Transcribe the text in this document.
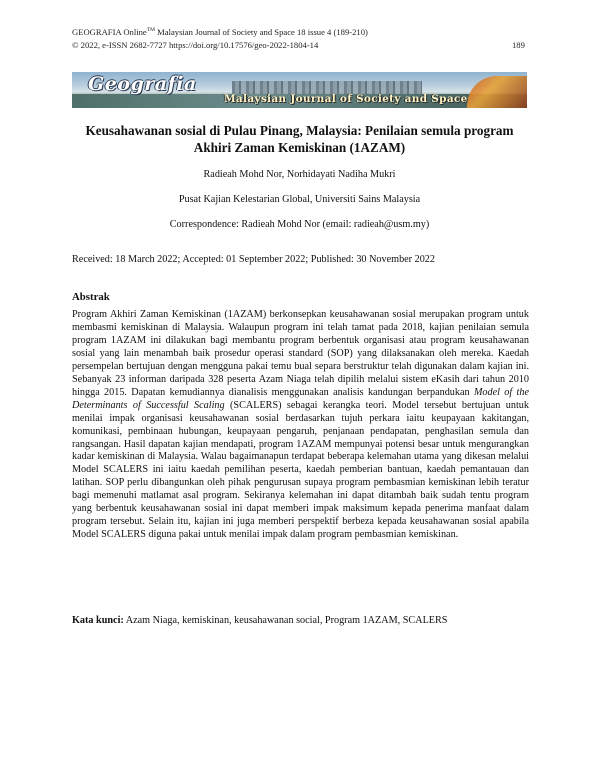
GEOGRAFIA Online™ Malaysian Journal of Society and Space 18 issue 4 (189-210)
© 2022, e-ISSN 2682-7727 https://doi.org/10.17576/geo-2022-1804-14	189
Geografia
Malaysian Journal of Society and Space
Keusahawanan sosial di Pulau Pinang, Malaysia: Penilaian semula program Akhiri Zaman Kemiskinan (1AZAM)
Radieah Mohd Nor, Norhidayati Nadiha Mukri
Pusat Kajian Kelestarian Global, Universiti Sains Malaysia
Correspondence: Radieah Mohd Nor (email: radieah@usm.my)
Received: 18 March 2022; Accepted: 01 September 2022; Published: 30 November 2022
Abstrak
Program Akhiri Zaman Kemiskinan (1AZAM) berkonsepkan keusahawanan sosial merupakan program untuk membasmi kemiskinan di Malaysia. Walaupun program ini telah tamat pada 2018, kajian penilaian semula program 1AZAM ini dilakukan bagi membantu program berbentuk organisasi atau program keusahawanan sosial yang lain menambah baik prosedur operasi standard (SOP) yang dilaksanakan oleh mereka. Kaedah persempelan bertujuan dengan mengguna pakai temu bual separa berstruktur telah digunakan dalam kajian ini. Sebanyak 23 informan daripada 328 peserta Azam Niaga telah dipilih melalui sistem eKasih dari tahun 2010 hingga 2015. Dapatan kemudiannya dianalisis menggunakan analisis kandungan berpandukan Model of the Determinants of Successful Scaling (SCALERS) sebagai kerangka teori. Model tersebut bertujuan untuk menilai impak organisasi keusahawanan sosial berdasarkan tujuh perkara iaitu keupayaan kakitangan, komunikasi, pembinaan hubungan, keupayaan pengaruh, penjanaan pendapatan, penghasilan semula dan rangsangan. Hasil dapatan kajian mendapati, program 1AZAM mempunyai potensi besar untuk mengurangkan kadar kemiskinan di Malaysia. Walau bagaimanapun terdapat beberapa kelemahan utama yang dikesan melalui Model SCALERS ini iaitu kaedah pemilihan peserta, kaedah pemberian bantuan, kaedah pemantauan dan latihan. SOP perlu dibangunkan oleh pihak pengurusan supaya program pembasmian kemiskinan lebih teratur bagi memenuhi matlamat asal program. Sekiranya kelemahan ini dapat ditambah baik sudah tentu program yang berbentuk keusahawanan sosial ini dapat memberi impak maksimum kepada penerima manfaat dalam program tersebut. Selain itu, kajian ini juga memberi perspektif berbeza kepada keusahawanan sosial apabila Model SCALERS diguna pakai untuk menilai impak dalam program pembasmian kemiskinan.
Kata kunci: Azam Niaga, kemiskinan, keusahawanan social, Program 1AZAM, SCALERS
